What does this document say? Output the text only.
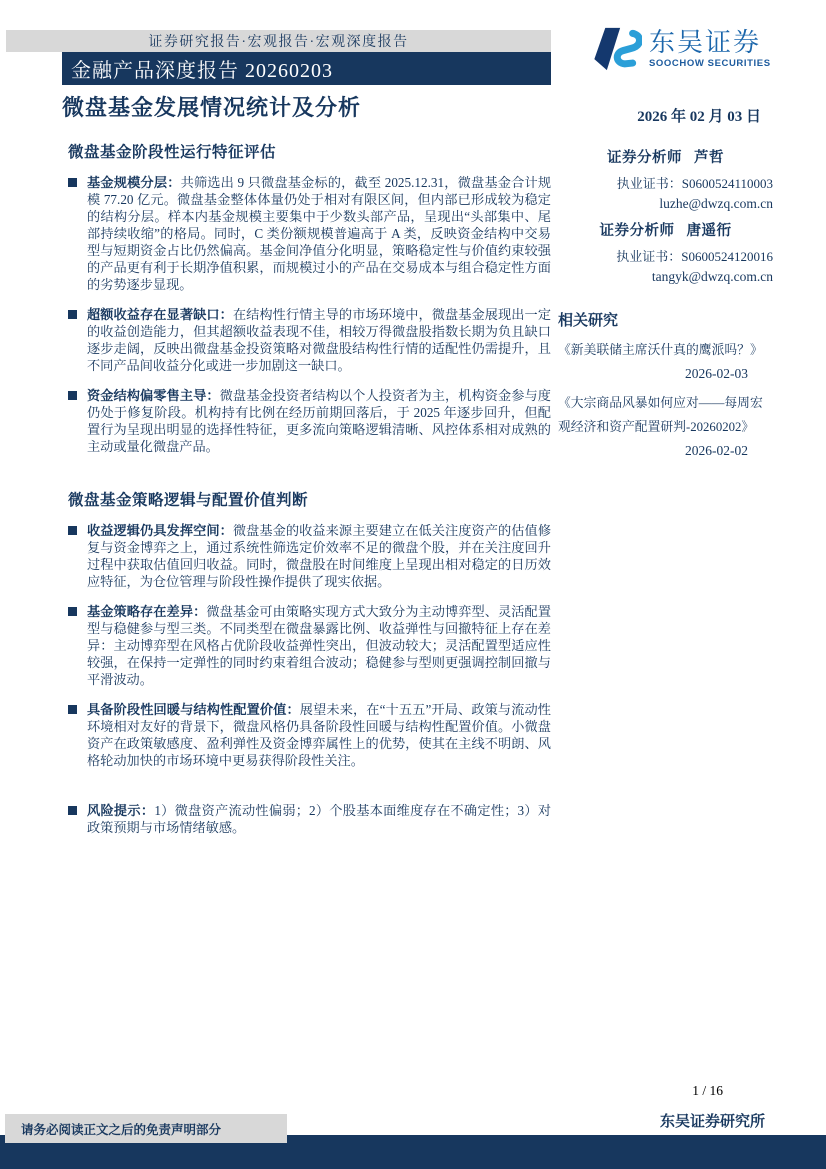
证券研究报告·宏观报告·宏观深度报告
金融产品深度报告 20260203
微盘基金发展情况统计及分析
东吴证券
SOOCHOW SECURITIES
2026 年 02 月 03 日
微盘基金阶段性运行特征评估

基金规模分层：共筛选出 9 只微盘基金标的，截至 2025.12.31，微盘基金合计规模 77.20 亿元。微盘基金整体体量仍处于相对有限区间，但内部已形成较为稳定的结构分层。样本内基金规模主要集中于少数头部产品，呈现出“头部集中、尾部持续收缩”的格局。同时，C 类份额规模普遍高于 A 类，反映资金结构中交易型与短期资金占比仍然偏高。基金间净值分化明显，策略稳定性与价值约束较强的产品更有利于长期净值积累，而规模过小的产品在交易成本与组合稳定性方面的劣势逐步显现。

超额收益存在显著缺口：在结构性行情主导的市场环境中，微盘基金展现出一定的收益创造能力，但其超额收益表现不佳，相较万得微盘股指数长期为负且缺口逐步走阔，反映出微盘基金投资策略对微盘股结构性行情的适配性仍需提升，且不同产品间收益分化或进一步加剧这一缺口。

资金结构偏零售主导：微盘基金投资者结构以个人投资者为主，机构资金参与度仍处于修复阶段。机构持有比例在经历前期回落后，于 2025 年逐步回升，但配置行为呈现出明显的选择性特征，更多流向策略逻辑清晰、风控体系相对成熟的主动或量化微盘产品。

微盘基金策略逻辑与配置价值判断

收益逻辑仍具发挥空间：微盘基金的收益来源主要建立在低关注度资产的估值修复与资金博弈之上，通过系统性筛选定价效率不足的微盘个股，并在关注度回升过程中获取估值回归收益。同时，微盘股在时间维度上呈现出相对稳定的日历效应特征，为仓位管理与阶段性操作提供了现实依据。

基金策略存在差异：微盘基金可由策略实现方式大致分为主动博弈型、灵活配置型与稳健参与型三类。不同类型在微盘暴露比例、收益弹性与回撤特征上存在差异：主动博弈型在风格占优阶段收益弹性突出，但波动较大；灵活配置型适应性较强，在保持一定弹性的同时约束着组合波动；稳健参与型则更强调控制回撤与平滑波动。

具备阶段性回暖与结构性配置价值：展望未来，在“十五五”开局、政策与流动性环境相对友好的背景下，微盘风格仍具备阶段性回暖与结构性配置价值。小微盘资产在政策敏感度、盈利弹性及资金博弈属性上的优势，使其在主线不明朗、风格轮动加快的市场环境中更易获得阶段性关注。

风险提示：1）微盘资产流动性偏弱；2）个股基本面维度存在不确定性；3）对政策预期与市场情绪敏感。

证券分析师 芦哲
执业证书：S0600524110003
luzhe@dwzq.com.cn
证券分析师 唐遥衎
执业证书：S0600524120016
tangyk@dwzq.com.cn
相关研究
《新美联储主席沃什真的鹰派吗？》
2026-02-03
《大宗商品风暴如何应对——每周宏观经济和资产配置研判-20260202》
2026-02-02
1 / 16
东吴证券研究所
请务必阅读正文之后的免责声明部分
